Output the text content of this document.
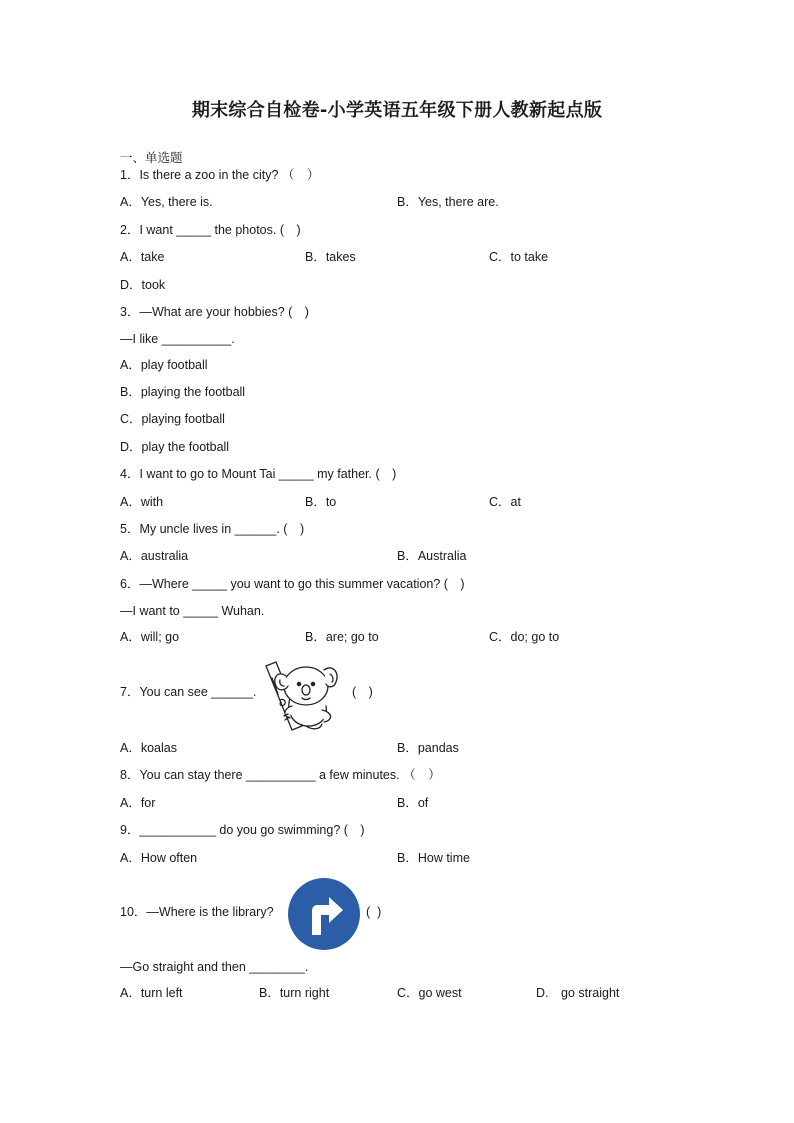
期末综合自检卷-小学英语五年级下册人教新起点版
一、单选题
1．Is there a zoo in the city? （　）
A．Yes, there is.	B．Yes, there are.
2．I want _____ the photos. (　)
A．take	B．takes	C．to take
D．took
3．—What are your hobbies? (　)
—I like __________.
A．play football
B．playing the football
C．playing football
D．play the football
4．I want to go to Mount Tai _____ my father. (　)
A．with	B．to	C．at
5．My uncle lives in ______. (　)
A．australia	B．Australia
6．—Where _____ you want to go this summer vacation? (　)
—I want to _____ Wuhan.
A．will; go	B．are; go to	C．do; go to
7．You can see ______.	(　)
A．koalas	B．pandas
8．You can stay there __________ a few minutes. （　）
A．for	B．of
9．___________ do you go swimming? (　)
A．How often	B．How time
10．—Where is the library?	(  )
—Go straight and then ________.
A．turn left	B．turn right	C．go west	D.　go straight
